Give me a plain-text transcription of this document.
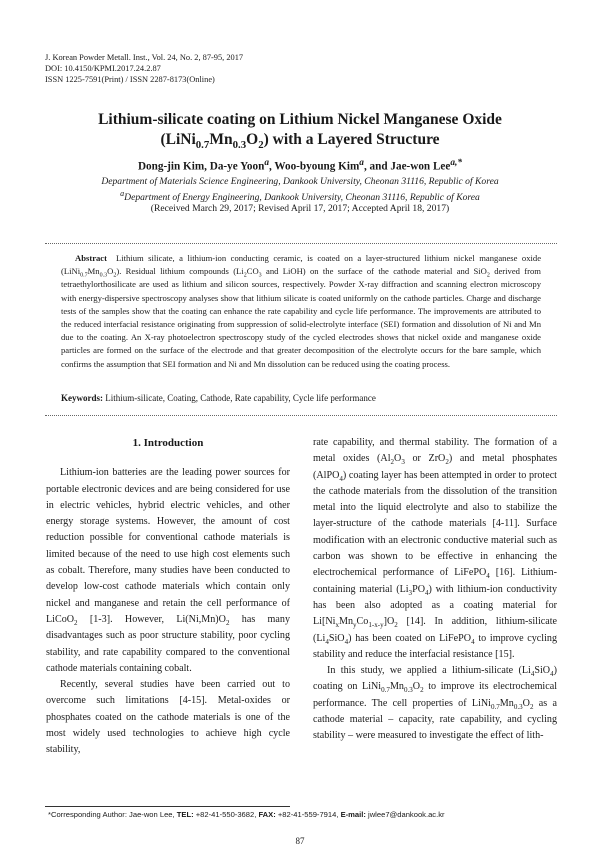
J. Korean Powder Metall. Inst., Vol. 24, No. 2, 87-95, 2017
DOI: 10.4150/KPMI.2017.24.2.87
ISSN 1225-7591(Print) / ISSN 2287-8173(Online)
Lithium-silicate coating on Lithium Nickel Manganese Oxide
$(LiNi_{0.7}Mn_{0.3}O_2)$ with a Layered Structure
Dong-jin Kim, Da-ye Yoon$^a$, Woo-byoung Kim$^a$, and Jae-won Lee$^{a,*}$
Department of Materials Science Engineering, Dankook University, Cheonan 31116, Republic of Korea
$^a$Department of Energy Engineering, Dankook University, Cheonan 31116, Republic of Korea
(Received March 29, 2017; Revised April 17, 2017; Accepted April 18, 2017)
Abstract Lithium silicate, a lithium-ion conducting ceramic, is coated on a layer-structured lithium nickel manganese oxide $(LiNi_{0.7}Mn_{0.3}O_2)$. Residual lithium compounds ($Li_2CO_3$ and LiOH) on the surface of the cathode material and SiO$_2$ derived from tetraethylorthosilicate are used as lithium and silicon sources, respectively. Powder X-ray diffraction and scanning electron microscopy with energy-dispersive spectroscopy analyses show that lithium silicate is coated uniformly on the cathode particles. Charge and discharge tests of the samples show that the coating can enhance the rate capability and cycle life performance. The improvements are attributed to the reduced interfacial resistance originating from suppression of solid-electrolyte interface (SEI) formation and dissolution of Ni and Mn due to the coating. An X-ray photoelectron spectroscopy study of the cycled electrodes shows that nickel oxide and manganese oxide particles are formed on the surface of the electrode and that greater decomposition of the electrolyte occurs for the bare sample, which confirms the assumption that SEI formation and Ni and Mn dissolution can be reduced using the coating process.
Keywords: Lithium-silicate, Coating, Cathode, Rate capability, Cycle life performance
1. Introduction

Lithium-ion batteries are the leading power sources for portable electronic devices and are being considered for use in electric vehicles, hybrid electric vehicles, and other energy storage systems. However, the amount of cost reduction possible for conventional cathode materials is limited because of the need to use high cost elements such as cobalt. Therefore, many studies have been conducted to develop low-cost cathode materials which contain only nickel and manganese and retain the cell performance of LiCoO$_2$ [1-3]. However, $Li(Ni,Mn)O_2$ has many disadvantages such as poor structure stability, poor cycling stability, and rate capability compared to the conventional cathode materials containing cobalt.

Recently, several studies have been carried out to overcome such limitations [4-15]. Metal-oxides or phosphates coated on the cathode materials is one of the most widely used technologies to achieve high cycle stability,

rate capability, and thermal stability. The formation of a metal oxides ($Al_2O_3$ or ZrO$_2$) and metal phosphates (AlPO$_4$) coating layer has been attempted in order to protect the cathode materials from the dissolution of the transition metal into the liquid electrolyte and also to stabilize the layer-structure of the cathode materials [4-11]. Surface modification with an electronic conductive material such as carbon was shown to be effective in enhancing the electrochemical performance of LiFePO$_4$ [16]. Lithium-containing material $(Li_3PO_4)$ with lithium-ion conductivity has been also adopted as a coating material for $Li[Ni_xMn_yCo_{1-x-y}]O_2$ [14]. In addition, lithium-silicate $(Li_4SiO_4)$ has been coated on LiFePO$_4$ to improve cycling stability and reduce the interfacial resistance [15].

In this study, we applied a lithium-silicate $(Li_4SiO_4)$ coating on $LiNi_{0.7}Mn_{0.3}O_2$ to improve its electrochemical performance. The cell properties of $LiNi_{0.7}Mn_{0.3}O_2$ as a cathode material – capacity, rate capability, and cycling stability – were measured to investigate the effect of lith-

*Corresponding Author: Jae-won Lee, TEL: +82-41-550-3682, FAX: +82-41-559-7914, E-mail: jwlee7@dankook.ac.kr
87
